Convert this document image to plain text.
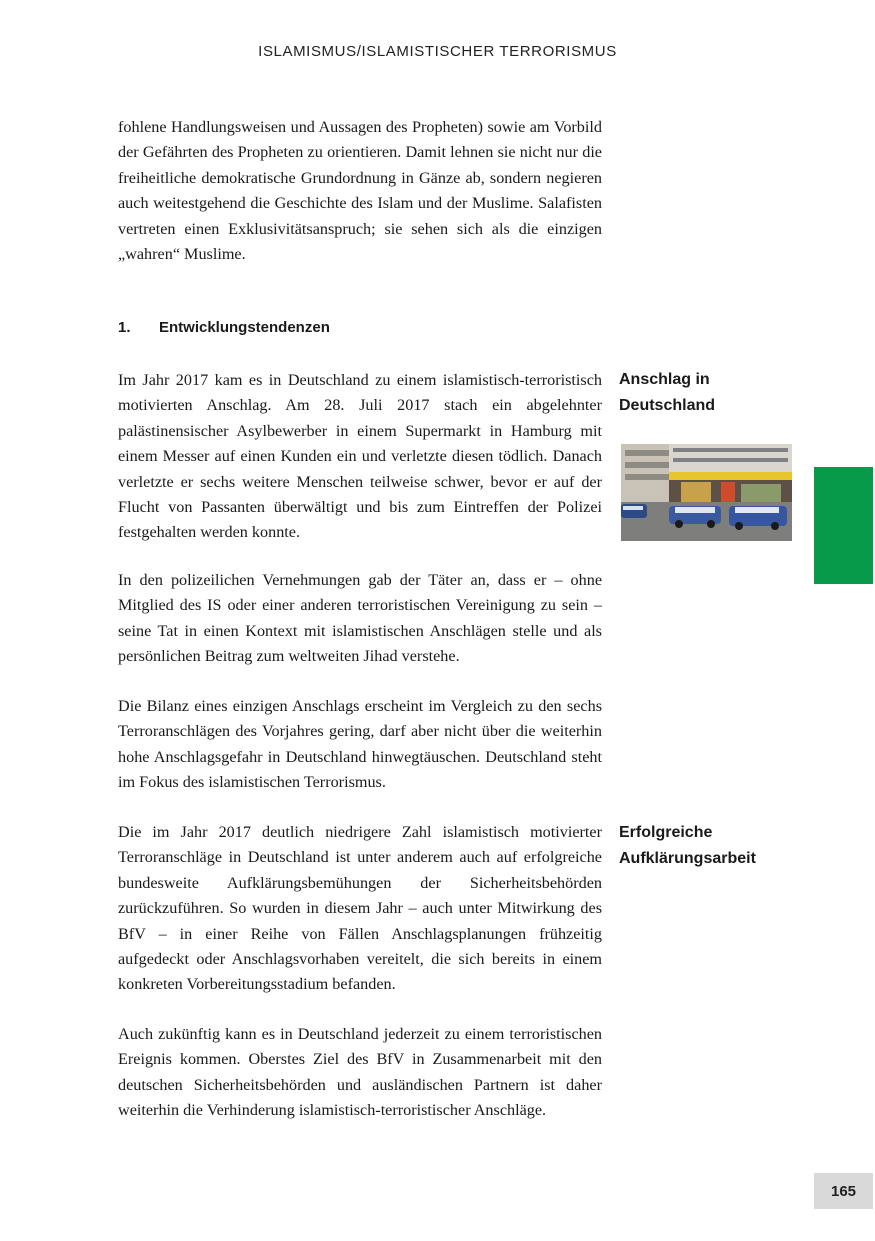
ISLAMISMUS/ISLAMISTISCHER TERRORISMUS

fohlene Handlungsweisen und Aussagen des Propheten) sowie am Vorbild der Gefährten des Propheten zu orientieren. Damit lehnen sie nicht nur die freiheitliche demokratische Grundordnung in Gänze ab, sondern negieren auch weitestgehend die Geschichte des Islam und der Muslime. Salafisten vertreten einen Exklusivitätsanspruch; sie sehen sich als die einzigen „wahren“ Muslime.

1. Entwicklungstendenzen

Im Jahr 2017 kam es in Deutschland zu einem islamistisch-terroristisch motivierten Anschlag. Am 28. Juli 2017 stach ein abgelehnter palästinensischer Asylbewerber in einem Supermarkt in Hamburg mit einem Messer auf einen Kunden ein und verletzte diesen tödlich. Danach verletzte er sechs weitere Menschen teilweise schwer, bevor er auf der Flucht von Passanten überwältigt und bis zum Eintreffen der Polizei festgehalten werden konnte.

In den polizeilichen Vernehmungen gab der Täter an, dass er – ohne Mitglied des IS oder einer anderen terroristischen Vereinigung zu sein – seine Tat in einen Kontext mit islamistischen Anschlägen stelle und als persönlichen Beitrag zum weltweiten Jihad verstehe.

Die Bilanz eines einzigen Anschlags erscheint im Vergleich zu den sechs Terroranschlägen des Vorjahres gering, darf aber nicht über die weiterhin hohe Anschlagsgefahr in Deutschland hinwegtäuschen. Deutschland steht im Fokus des islamistischen Terrorismus.

Die im Jahr 2017 deutlich niedrigere Zahl islamistisch motivierter Terroranschläge in Deutschland ist unter anderem auch auf erfolgreiche bundesweite Aufklärungsbemühungen der Sicherheitsbehörden zurückzuführen. So wurden in diesem Jahr – auch unter Mitwirkung des BfV – in einer Reihe von Fällen Anschlagsplanungen frühzeitig aufgedeckt oder Anschlagsvorhaben vereitelt, die sich bereits in einem konkreten Vorbereitungsstadium befanden.

Auch zukünftig kann es in Deutschland jederzeit zu einem terroristischen Ereignis kommen. Oberstes Ziel des BfV in Zusammenarbeit mit den deutschen Sicherheitsbehörden und ausländischen Partnern ist daher weiterhin die Verhinderung islamistisch-terroristischer Anschläge.

Anschlag in
Deutschland
Erfolgreiche
Aufklärungsarbeit
165
